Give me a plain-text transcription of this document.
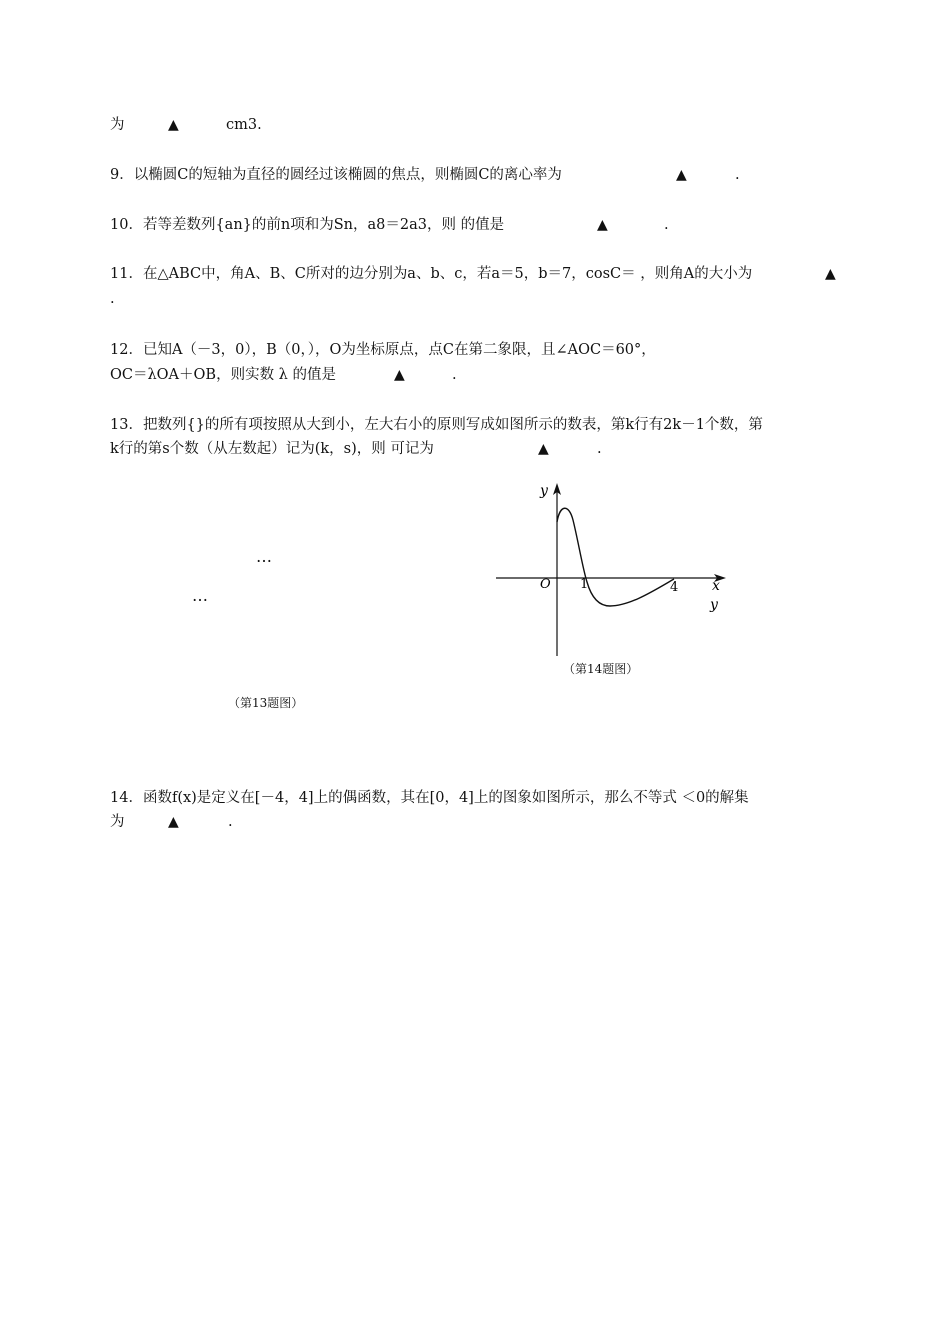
为	▲	cm3.
9．以椭圆C的短轴为直径的圆经过该椭圆的焦点，则椭圆C的离心率为	▲	.
10．若等差数列{an}的前n项和为Sn，a8＝2a3，则 的值是	▲	.
11．在△ABC中，角A、B、C所对的边分别为a、b、c，若a＝5，b＝7，cosC＝ ，则角A的大小为	▲
.
12．已知A（－3，0），B（0，），O为坐标原点，点C在第二象限，且∠AOC＝60°，
OC＝λOA＋OB，则实数 λ 的值是	▲	.
13．把数列{}的所有项按照从大到小，左大右小的原则写成如图所示的数表，第k行有2k－1个数，第
k行的第s个数（从左数起）记为(k，s)，则 可记为	▲	.
…
…
（第13题图）
y
O 1	4 x
y
（第14题图）
14．函数f(x)是定义在[－4，4]上的偶函数，其在[0，4]上的图象如图所示，那么不等式 ＜0的解集
为	▲	.
